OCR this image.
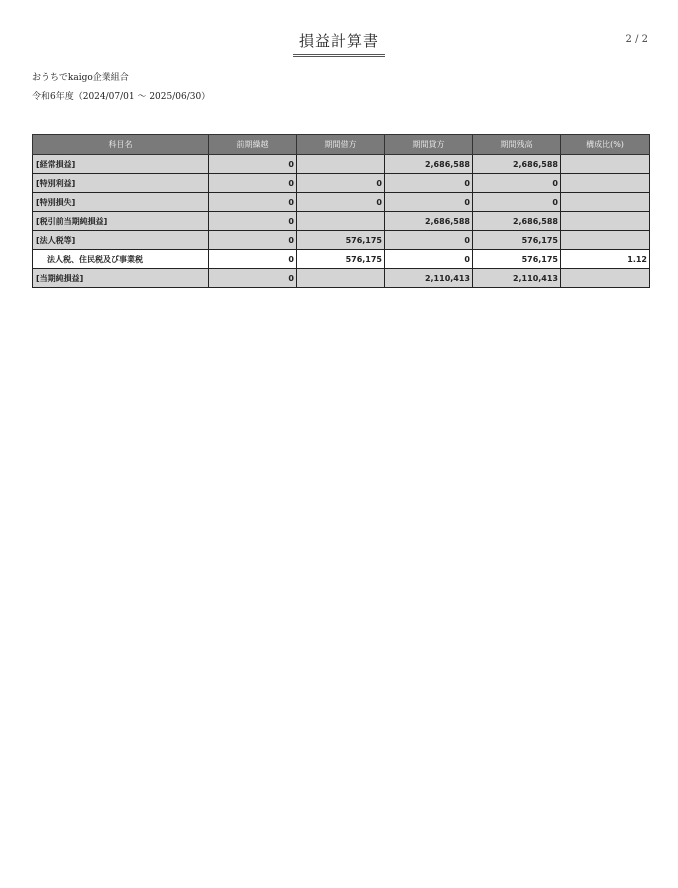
損益計算書	2 / 2
おうちでkaigo企業組合
令和6年度（2024/07/01 ～ 2025/06/30）
科目名	前期繰越	期間借方	期間貸方	期間残高	構成比(%)
[経常損益]	0		2,686,588	2,686,588	
[特別利益]	0	0	0	0	
[特別損失]	0	0	0	0	
[税引前当期純損益]	0		2,686,588	2,686,588	
[法人税等]	0	576,175	0	576,175	
法人税、住民税及び事業税	0	576,175	0	576,175	1.12
[当期純損益]	0		2,110,413	2,110,413	
